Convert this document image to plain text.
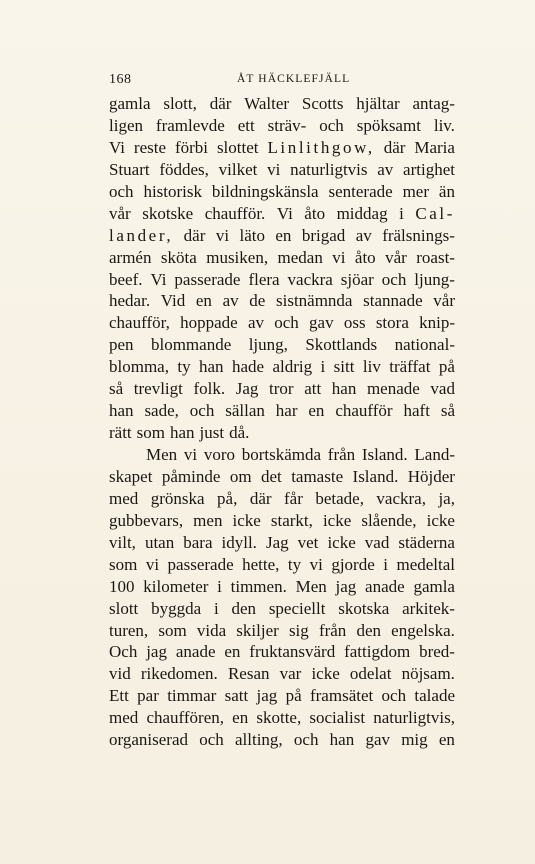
168	ÅT HÄCKLEFJÄLL
gamla slott, där Walter Scotts hjältar antag-
ligen framlevde ett sträv- och spöksamt liv.
Vi reste förbi slottet Linlithgow, där Maria
Stuart föddes, vilket vi naturligtvis av artighet
och historisk bildningskänsla senterade mer än
vår skotske chaufför. Vi åto middag i Cal-
lander, där vi läto en brigad av frälsnings-
armén sköta musiken, medan vi åto vår roast-
beef. Vi passerade flera vackra sjöar och ljung-
hedar. Vid en av de sistnämnda stannade vår
chaufför, hoppade av och gav oss stora knip-
pen blommande ljung, Skottlands national-
blomma, ty han hade aldrig i sitt liv träffat på
så trevligt folk. Jag tror att han menade vad
han sade, och sällan har en chaufför haft så
rätt som han just då.
Men vi voro bortskämda från Island. Land-
skapet påminde om det tamaste Island. Höjder
med grönska på, där får betade, vackra, ja,
gubbevars, men icke starkt, icke slående, icke
vilt, utan bara idyll. Jag vet icke vad städerna
som vi passerade hette, ty vi gjorde i medeltal
100 kilometer i timmen. Men jag anade gamla
slott byggda i den speciellt skotska arkitek-
turen, som vida skiljer sig från den engelska.
Och jag anade en fruktansvärd fattigdom bred-
vid rikedomen. Resan var icke odelat nöjsam.
Ett par timmar satt jag på framsätet och talade
med chauffören, en skotte, socialist naturligtvis,
organiserad och allting, och han gav mig en
